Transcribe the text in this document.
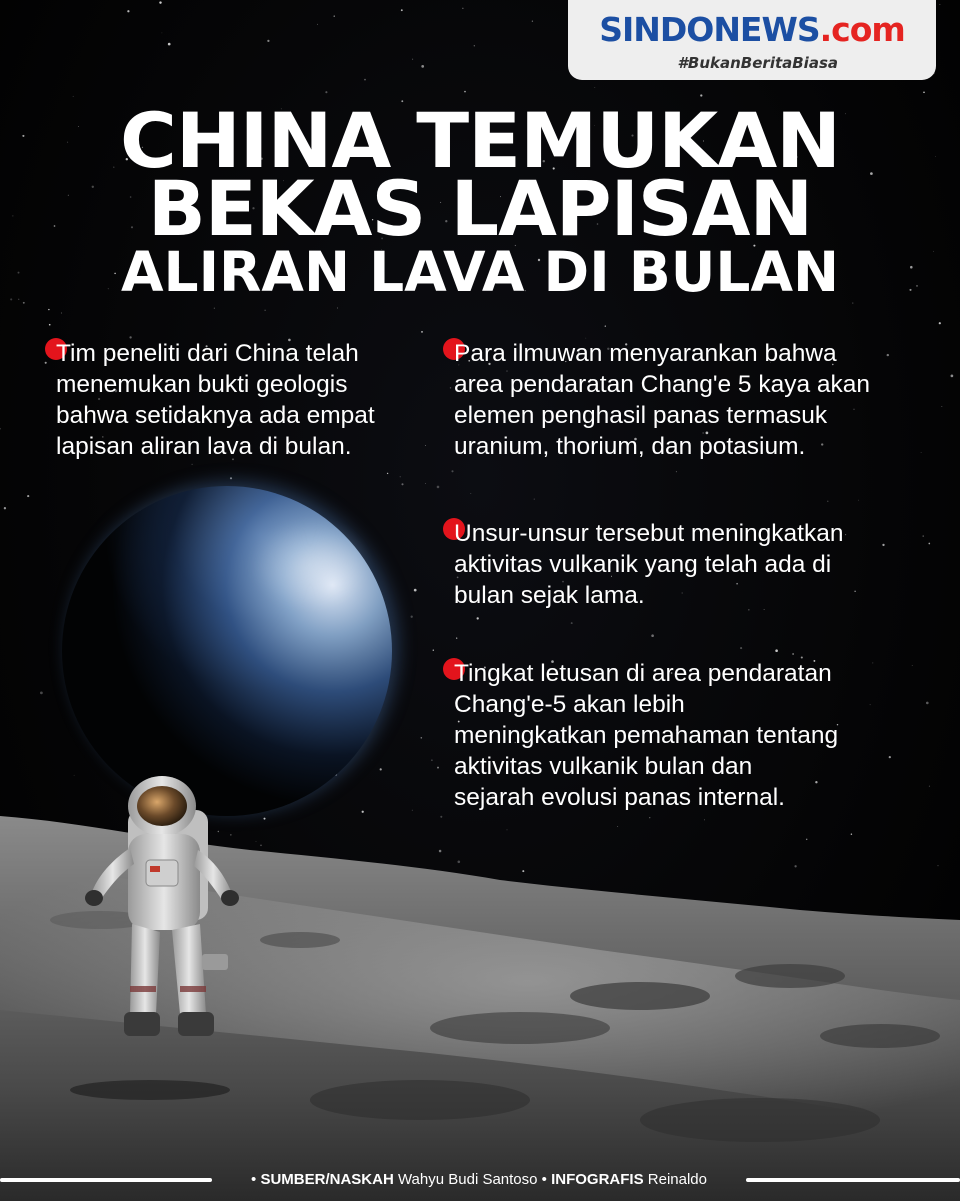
SINDONEWS.com
#BukanBeritaBiasa
CHINA TEMUKAN
BEKAS LAPISAN
ALIRAN LAVA DI BULAN

Tim peneliti dari China telah
menemukan bukti geologis
bahwa setidaknya ada empat
lapisan aliran lava di bulan.

Para ilmuwan menyarankan bahwa
area pendaratan Chang'e 5 kaya akan
elemen penghasil panas termasuk
uranium, thorium, dan potasium.

Unsur-unsur tersebut meningkatkan
aktivitas vulkanik yang telah ada di
bulan sejak lama.

Tingkat letusan di area pendaratan
Chang'e-5 akan lebih
meningkatkan pemahaman tentang
aktivitas vulkanik bulan dan
sejarah evolusi panas internal.

• SUMBER/NASKAH Wahyu Budi Santoso • INFOGRAFIS Reinaldo
